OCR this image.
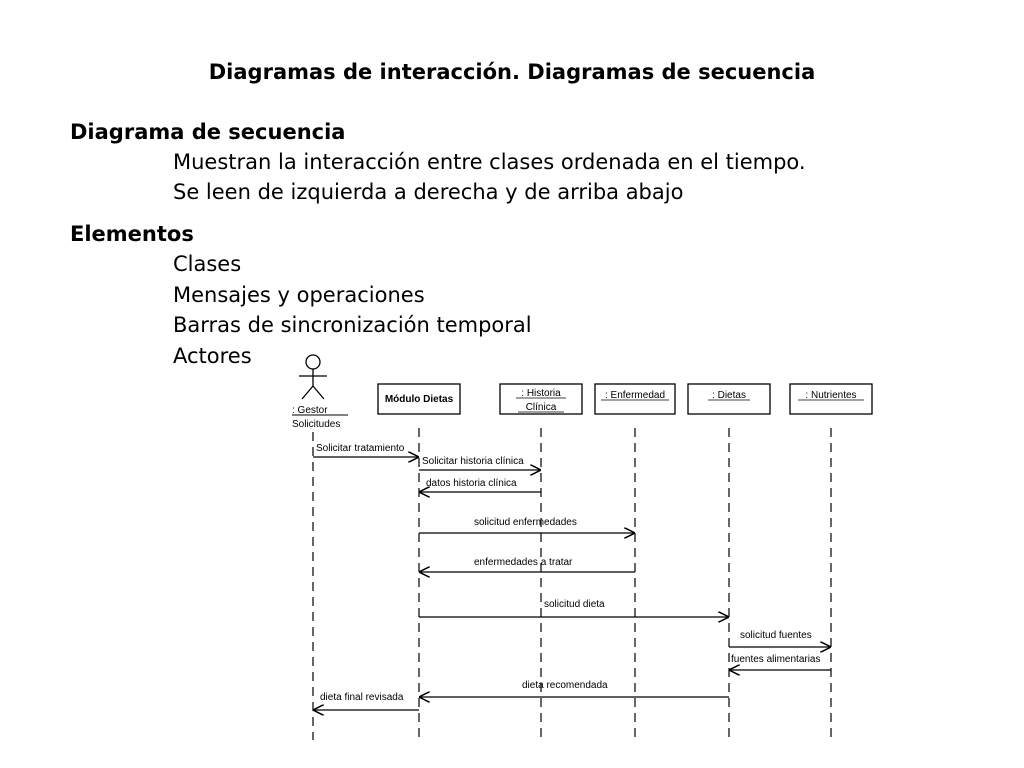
Diagramas de interacción. Diagramas de secuencia
Diagrama de secuencia

Muestran la interacción entre clases ordenada en el tiempo.

Se leen de izquierda a derecha y de arriba abajo

Elementos

Clases

Mensajes y operaciones

Barras de sincronización temporal

Actores

: Gestor
Solicitudes
Módulo Dietas
: Historia
Clínica
: Enfermedad	: Dietas	: Nutrientes
Solicitar tratamiento
Solicitar historia clínica
datos historia clínica
solicitud enfermedades
enfermedades a tratar
solicitud dieta
solicitud fuentes
fuentes alimentarias
dieta recomendada
dieta final revisada
